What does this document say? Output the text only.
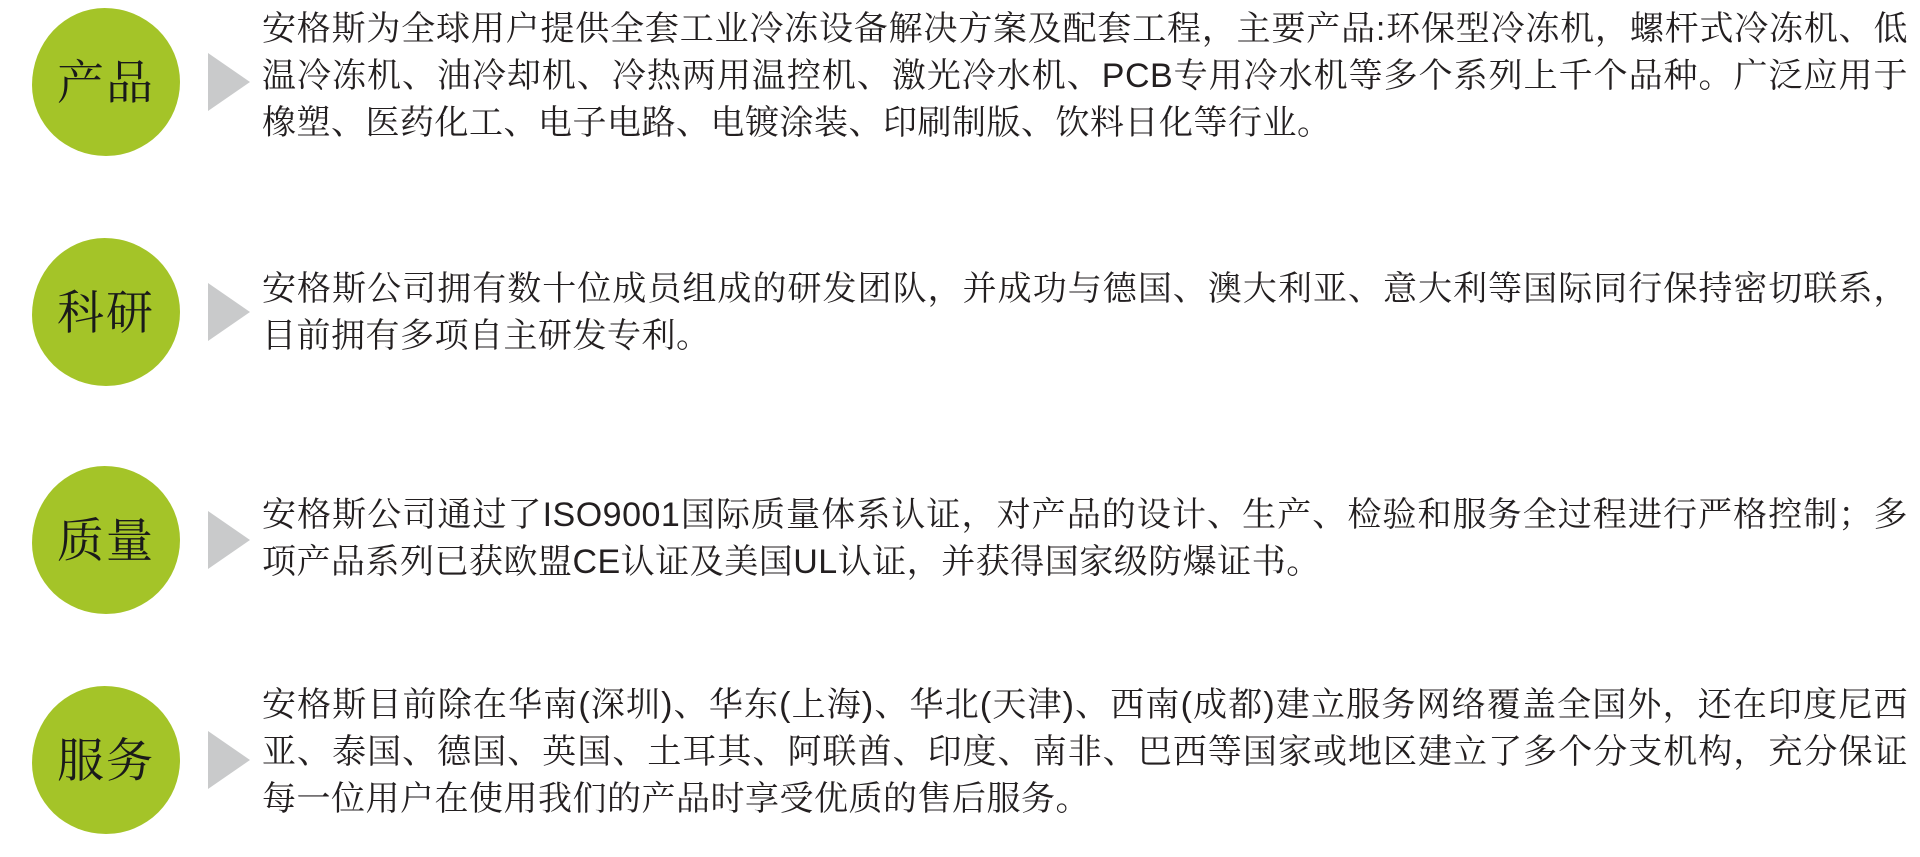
产品
安格斯为全球用户提供全套工业冷冻设备解决方案及配套工程，主要产品:环保型冷冻机，螺杆式冷冻机、低温冷冻机、油冷却机、冷热两用温控机、激光冷水机、PCB专用冷水机等多个系列上千个品种。广泛应用于橡塑、医药化工、电子电路、电镀涂装、印刷制版、饮料日化等行业。
科研	安格斯公司拥有数十位成员组成的研发团队，并成功与德国、澳大利亚、意大利等国际同行保持密切联系，目前拥有多项自主研发专利。
质量	安格斯公司通过了ISO9001国际质量体系认证，对产品的设计、生产、检验和服务全过程进行严格控制；多项产品系列已获欧盟CE认证及美国UL认证，并获得国家级防爆证书。
服务
安格斯目前除在华南(深圳)、华东(上海)、华北(天津)、西南(成都)建立服务网络覆盖全国外，还在印度尼西亚、泰国、德国、英国、土耳其、阿联酋、印度、南非、巴西等国家或地区建立了多个分支机构，充分保证每一位用户在使用我们的产品时享受优质的售后服务。
